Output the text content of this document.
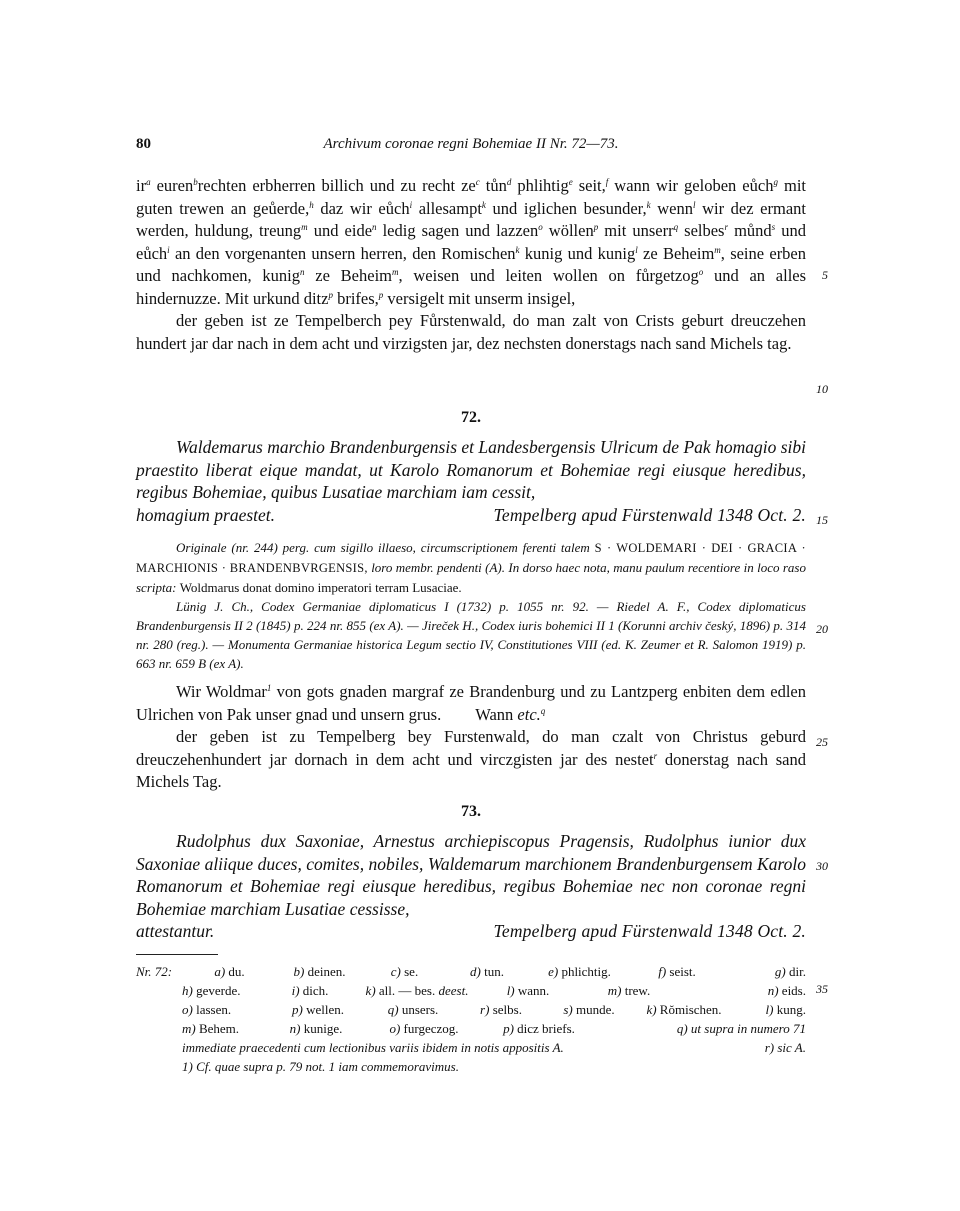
80	Archivum coronae regni Bohemiae II Nr. 72—73.
5
10
15
20
25
30
35

$ir^a$ euren$^b$rechten erbherren billich und zu recht $ze^c$ tůn$^d$ phlihtig$^e$ seit,$^f$ wann wir geloben eůch$^g$ mit guten trewen an geůerde,$^h$ daz wir eůch$^i$ allesampt$^k$ und iglichen besunder,$^k$ wenn$^l$ wir dez ermant werden, huldung, treung$^m$ und eide$^n$ ledig sagen und lazzen$^o$ wöllen$^p$ mit unserr$^q$ selbes$^r$ můnd$^s$ und eůch$^i$ an den vorgenanten unsern herren, den Romischen$^k$ kunig und kunig$^l$ ze Beheim$^m$, seine erben und nachkomen, kunig$^n$ ze Beheim$^m$, weisen und leiten wollen on fůrgetzog$^o$ und an alles hindernuzze. Mit urkund ditz$^p$ brifes,$^p$ versigelt mit unserm insigel,

der geben ist ze Tempelberch pey Fůrstenwald, do man zalt von Crists geburt dreuczehen hundert jar dar nach in dem acht und virzigsten jar, dez nechsten donerstags nach sand Michels tag.

72.
Waldemarus marchio Brandenburgensis et Landesbergensis Ulricum de Pak homagio sibi praestito liberat eique mandat, ut Karolo Romanorum et Bohemiae regi eiusque heredibus, regibus Bohemiae, quibus Lusatiae marchiam iam cessit,
homagium praestet.	Tempelberg apud Fürstenwald 1348 Oct. 2.

Originale (nr. 244) perg. cum sigillo illaeso, circumscriptionem ferenti talem S · WOLDEMARI · DEI · GRACIA · MARCHIONIS · BRANDENBVRGENSIS, loro membr. pendenti (A). In dorso haec nota, manu paulum recentiore in loco raso scripta: Woldmarus donat domino imperatori terram Lusaciae.

Lünig J. Ch., Codex Germaniae diplomaticus I (1732) p. 1055 nr. 92. — Riedel A. F., Codex diplomaticus Brandenburgensis II 2 (1845) p. 224 nr. 855 (ex A). — Jireček H., Codex iuris bohemici II 1 (Korunni archiv český, 1896) p. 314 nr. 280 (reg.). — Monumenta Germaniae historica Legum sectio IV, Constitutiones VIII (ed. K. Zeumer et R. Salomon 1919) p. 663 nr. 659 B (ex A).

Wir Woldmar$^1$ von gots gnaden margraf ze Brandenburg und zu Lantzperg enbiten dem edlen Ulrichen von Pak unser gnad und unsern grus. Wann etc.$^q$

der geben ist zu Tempelberg bey Furstenwald, do man czalt von Christus geburd dreuczehenhundert jar dornach in dem acht und virczgisten jar des nestet$^r$ donerstag nach sand Michels Tag.

73.
Rudolphus dux Saxoniae, Arnestus archiepiscopus Pragensis, Rudolphus iunior dux Saxoniae aliique duces, comites, nobiles, Waldemarum marchionem Brandenburgensem Karolo Romanorum et Bohemiae regi eiusque heredibus, regibus Bohemiae nec non coronae regni Bohemiae marchiam Lusatiae cessisse,
attestantur.	Tempelberg apud Fürstenwald 1348 Oct. 2.
Nr. 72:	a) du.	b) deinen.	c) se.	d) tun.	e) phlichtig.	f) seist.	g) dir.
h) geverde.	i) dich.	k) all. — bes. deest.	l) wann.	m) trew.	n) eids.
o) lassen.	p) wellen.	q) unsers.	r) selbs.	s) munde.	k) Rŏmischen.	l) kung.
m) Behem.	n) kunige.	o) furgeczog.	p) dicz briefs.	q) ut supra in numero 71
immediate praecedenti cum lectionibus variis ibidem in notis appositis A.	r) sic A.
1) Cf. quae supra p. 79 not. 1 iam commemoravimus.
